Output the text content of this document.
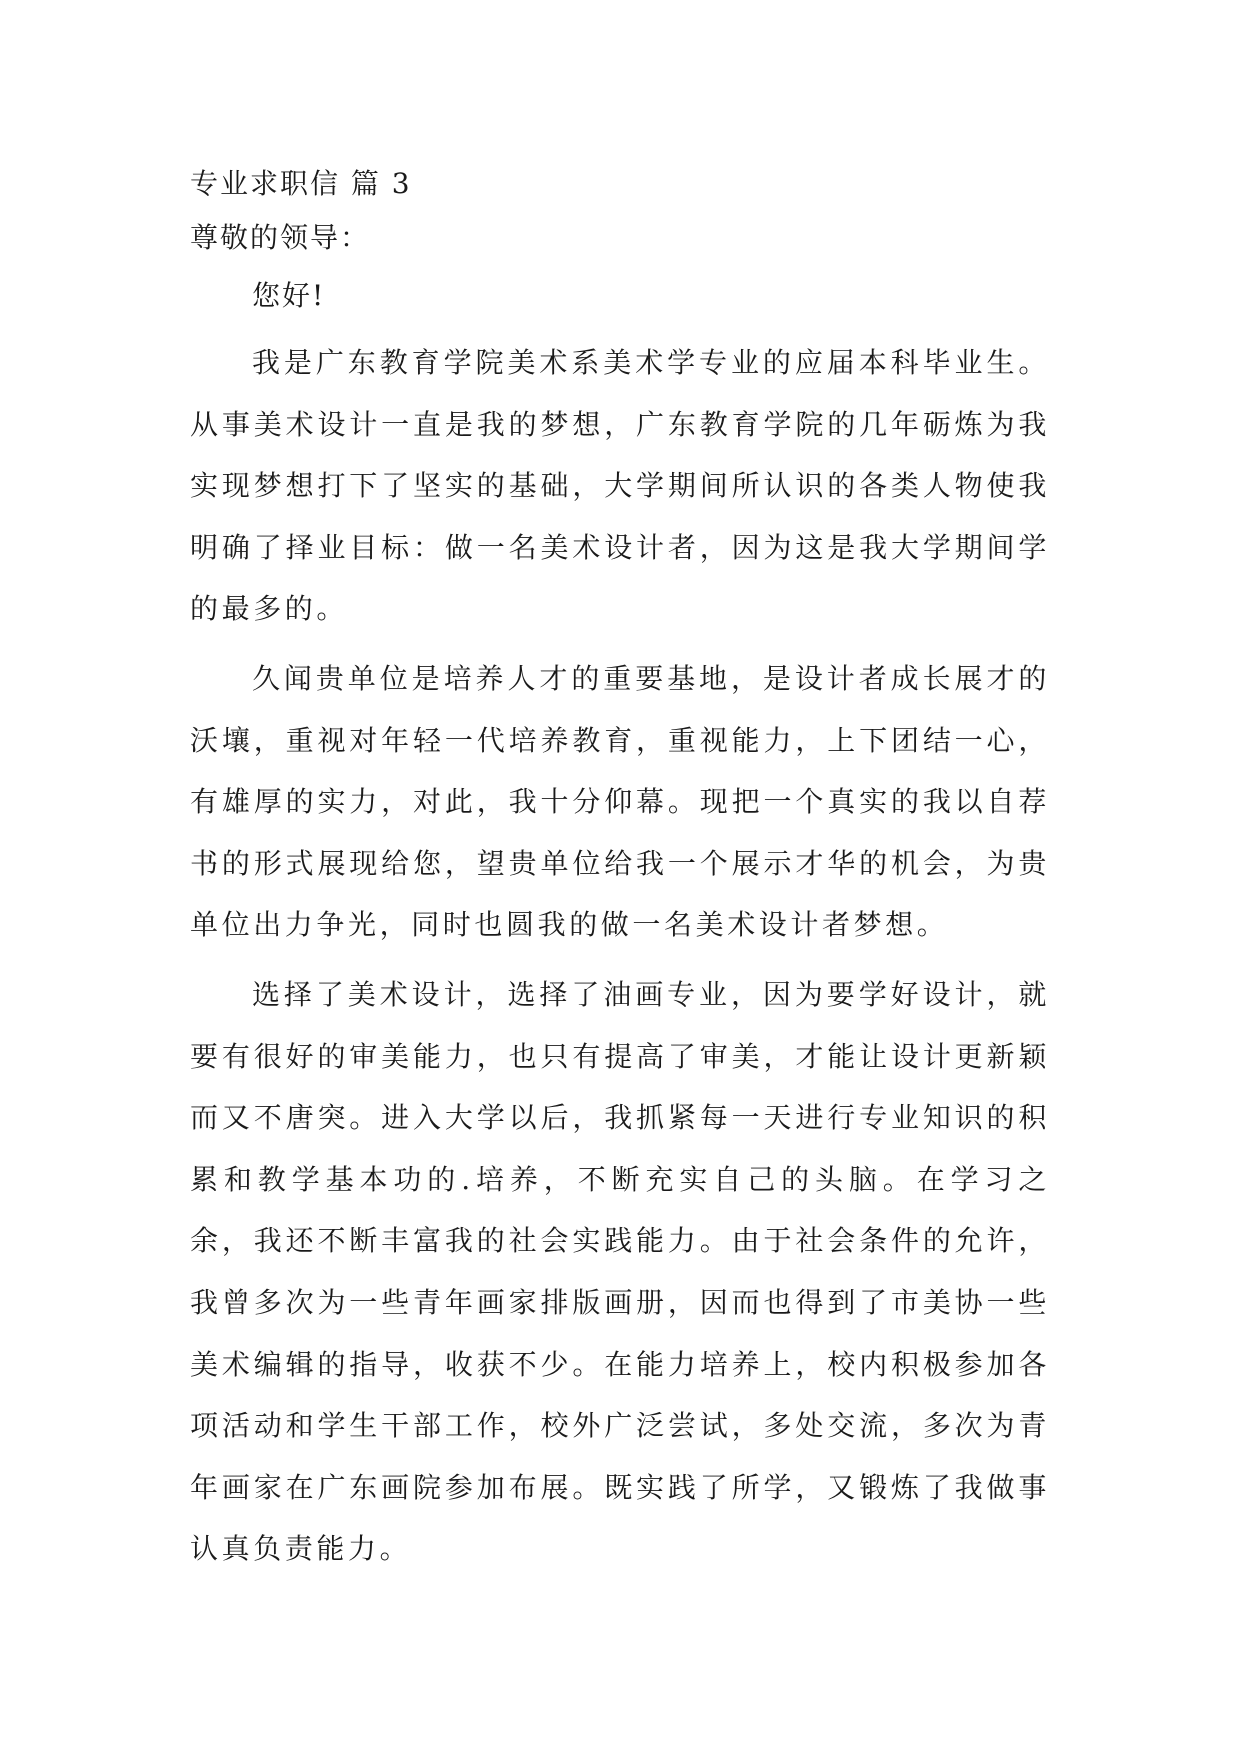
专业求职信 篇 3
尊敬的领导：
您好!

我是广东教育学院美术系美术学专业的应届本科毕业生。从事美术设计一直是我的梦想，广东教育学院的几年砺炼为我实现梦想打下了坚实的基础，大学期间所认识的各类人物使我明确了择业目标：做一名美术设计者，因为这是我大学期间学的最多的。

久闻贵单位是培养人才的重要基地，是设计者成长展才的沃壤，重视对年轻一代培养教育，重视能力，上下团结一心，有雄厚的实力，对此，我十分仰幕。现把一个真实的我以自荐书的形式展现给您，望贵单位给我一个展示才华的机会，为贵单位出力争光，同时也圆我的做一名美术设计者梦想。

选择了美术设计，选择了油画专业，因为要学好设计，就要有很好的审美能力，也只有提高了审美，才能让设计更新颖而又不唐突。进入大学以后，我抓紧每一天进行专业知识的积累和教学基本功的.培养，不断充实自己的头脑。在学习之余，我还不断丰富我的社会实践能力。由于社会条件的允许，我曾多次为一些青年画家排版画册，因而也得到了市美协一些美术编辑的指导，收获不少。在能力培养上，校内积极参加各项活动和学生干部工作，校外广泛尝试，多处交流，多次为青年画家在广东画院参加布展。既实践了所学，又锻炼了我做事认真负责能力。
